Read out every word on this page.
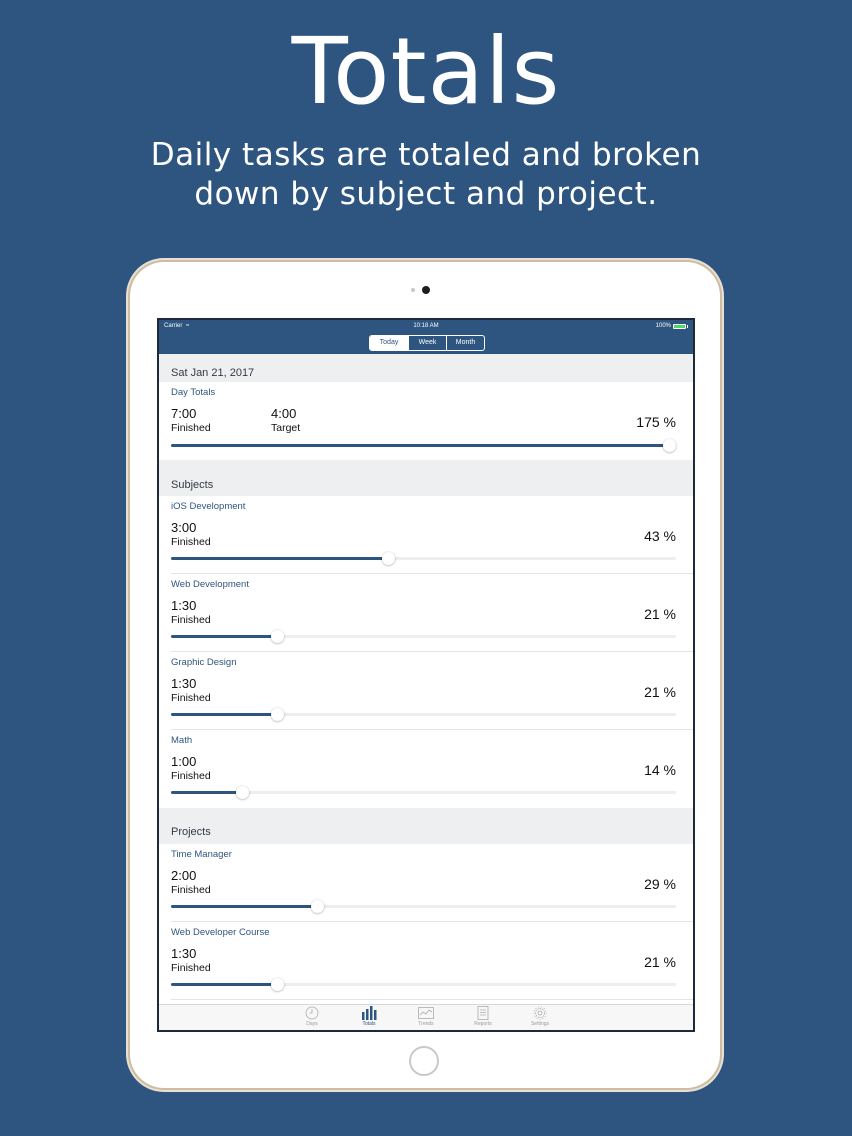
Totals
Daily tasks are totaled and broken
down by subject and project.
Carrier ≈	10:18 AM	100%
Today	Week	Month
Sat Jan 21, 2017
Day Totals
7:00
Finished
4:00
Target	175 %
Subjects
iOS Development
3:00
Finished	43 %
Web Development
1:30
Finished	21 %
Graphic Design
1:30
Finished	21 %
Math
1:00
Finished	14 %
Projects
Time Manager
2:00
Finished	29 %
Web Developer Course
1:30
Finished	21 %
Days	Totals	Trends	Reports	Settings
